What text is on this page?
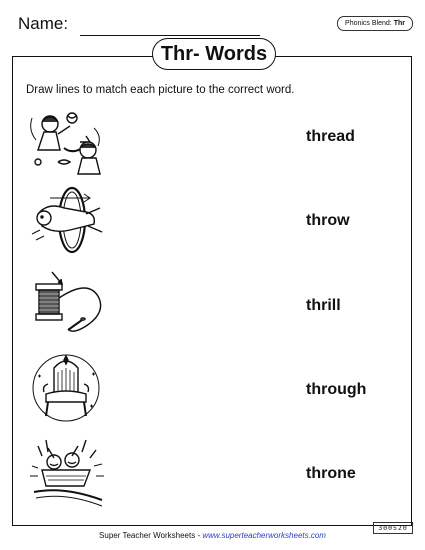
Name:	Phonics Blend: Thr
Thr- Words
Draw lines to match each picture to the correct word.
thread
throw
thrill
through
throne
300520
Super Teacher Worksheets - www.superteacherworksheets.com
